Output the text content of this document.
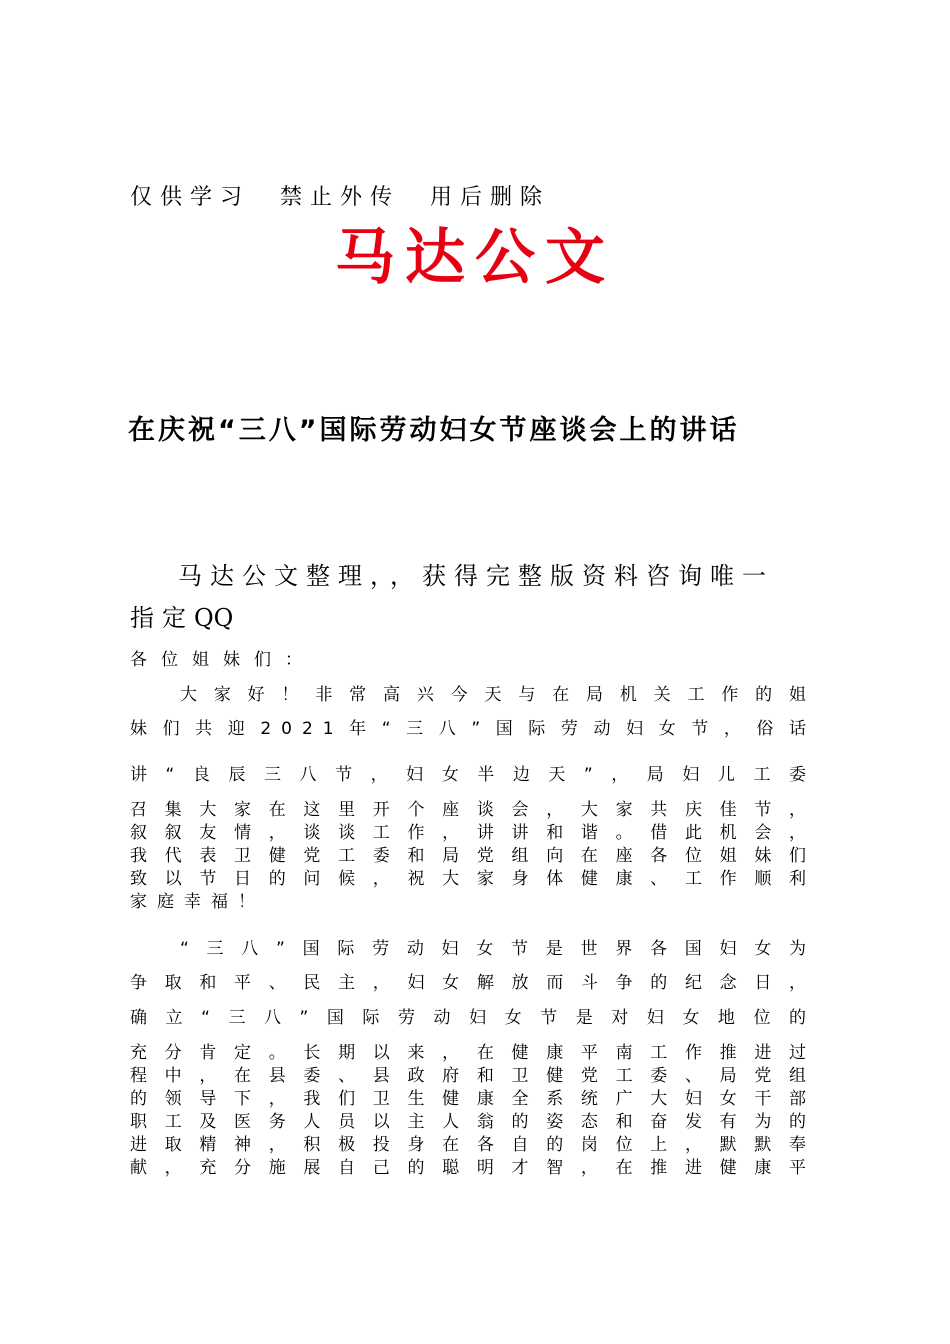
仅供学习  禁止外传  用后删除
马达公文
在庆祝“三八”国际劳动妇女节座谈会上的讲话
马达公文整理，，获得完整版资料咨询唯一
指定QQ
各位姐妹们：
大家好！非常高兴今天与在局机关工作的姐
妹们共迎2021年“三八”国际劳动妇女节，俗话
讲“良辰三八节，妇女半边天”，局妇儿工委
召集大家在这里开个座谈会，大家共庆佳节，
叙叙友情，谈谈工作，讲讲和谐。借此机会，
我代表卫健党工委和局党组向在座各位姐妹们
致以节日的问候，祝大家身体健康、工作顺利
家庭幸福！
“三八”国际劳动妇女节是世界各国妇女为
争取和平、民主，妇女解放而斗争的纪念日，
确立“三八”国际劳动妇女节是对妇女地位的
充分肯定。长期以来，在健康平南工作推进过
程中，在县委、县政府和卫健党工委、局党组
的领导下，我们卫生健康全系统广大妇女干部
职工及医务人员以主人翁的姿态和奋发有为的
进取精神，积极投身在各自的岗位上，默默奉
献，充分施展自己的聪明才智，在推进健康平
